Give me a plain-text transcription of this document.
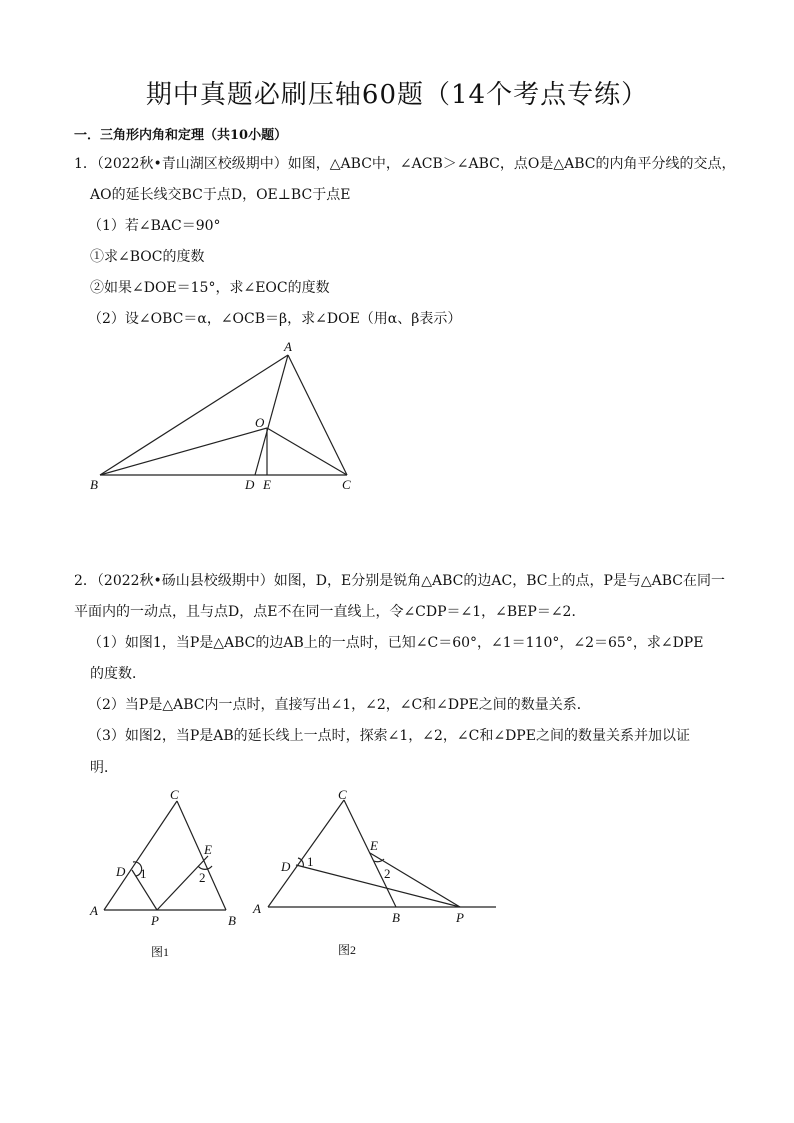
期中真题必刷压轴60题（14个考点专练）
一．三角形内角和定理（共10小题）
1．（2022秋•青山湖区校级期中）如图，△ABC中，∠ACB＞∠ABC，点O是△ABC的内角平分线的交点，
AO的延长线交BC于点D，OE⊥BC于点E
（1）若∠BAC＝90°
①求∠BOC的度数
②如果∠DOE＝15°，求∠EOC的度数
（2）设∠OBC＝α，∠OCB＝β，求∠DOE（用α、β表示）
A
B	C
O
D E
2．（2022秋•砀山县校级期中）如图，D，E分别是锐角△ABC的边AC，BC上的点，P是与△ABC在同一
平面内的一动点，且与点D，点E不在同一直线上，令∠CDP＝∠1，∠BEP＝∠2．
（1）如图1，当P是△ABC的边AB上的一点时，已知∠C＝60°，∠1＝110°，∠2＝65°，求∠DPE
的度数．
（2）当P是△ABC内一点时，直接写出∠1，∠2，∠C和∠DPE之间的数量关系．
（3）如图2，当P是AB的延长线上一点时，探索∠1，∠2，∠C和∠DPE之间的数量关系并加以证
明．
C
A
B
D
E
P
1	2
图1
C
A
B
D
E
P
1
2
图2
